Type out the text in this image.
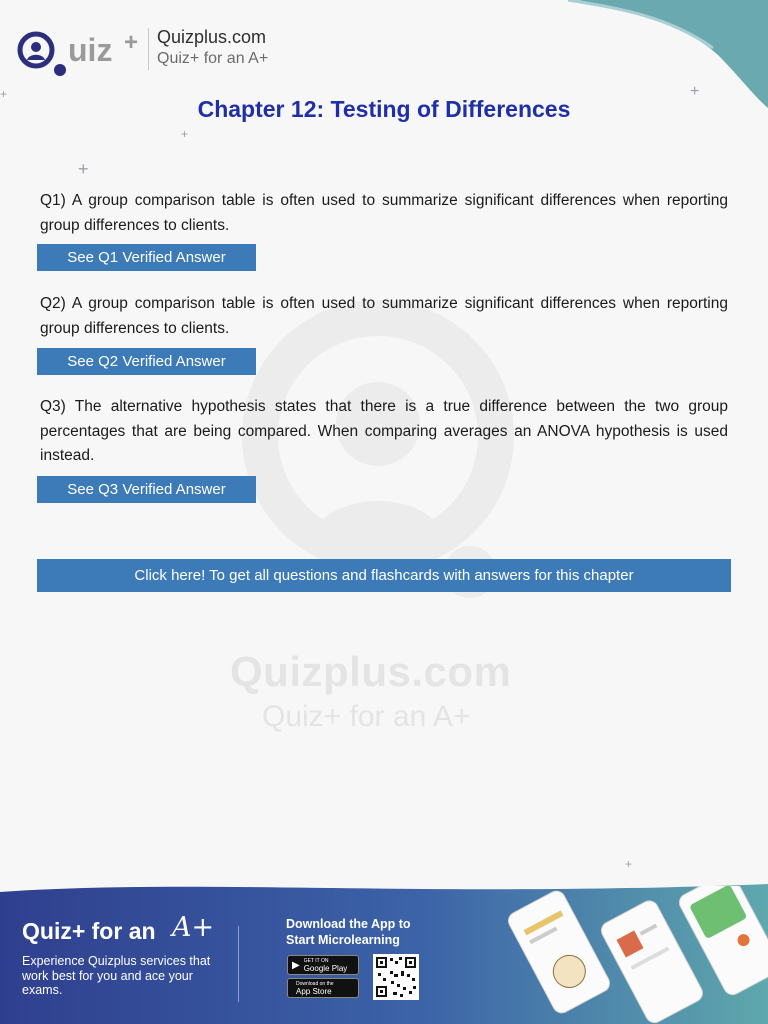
Quizplus.com
Quiz+ for an A+
+
+
+
+
+
uiz + Quizplus.com
Quiz+ for an A+
Chapter 12: Testing of Differences

Q1) A group comparison table is often used to summarize significant differences when reporting group differences to clients.

See Q1 Verified Answer

Q2) A group comparison table is often used to summarize significant differences when reporting group differences to clients.

See Q2 Verified Answer

Q3) The alternative hypothesis states that there is a true difference between the two group percentages that are being compared. When comparing averages an ANOVA hypothesis is used instead.

See Q3 Verified Answer
Click here! To get all questions and flashcards with answers for this chapter
Quiz+ for an A+
Experience Quizplus services that work best for you and ace your exams.
Download the App to
Start Microlearning
▶ GET IT ON
Google Play
Download on the
App Store
